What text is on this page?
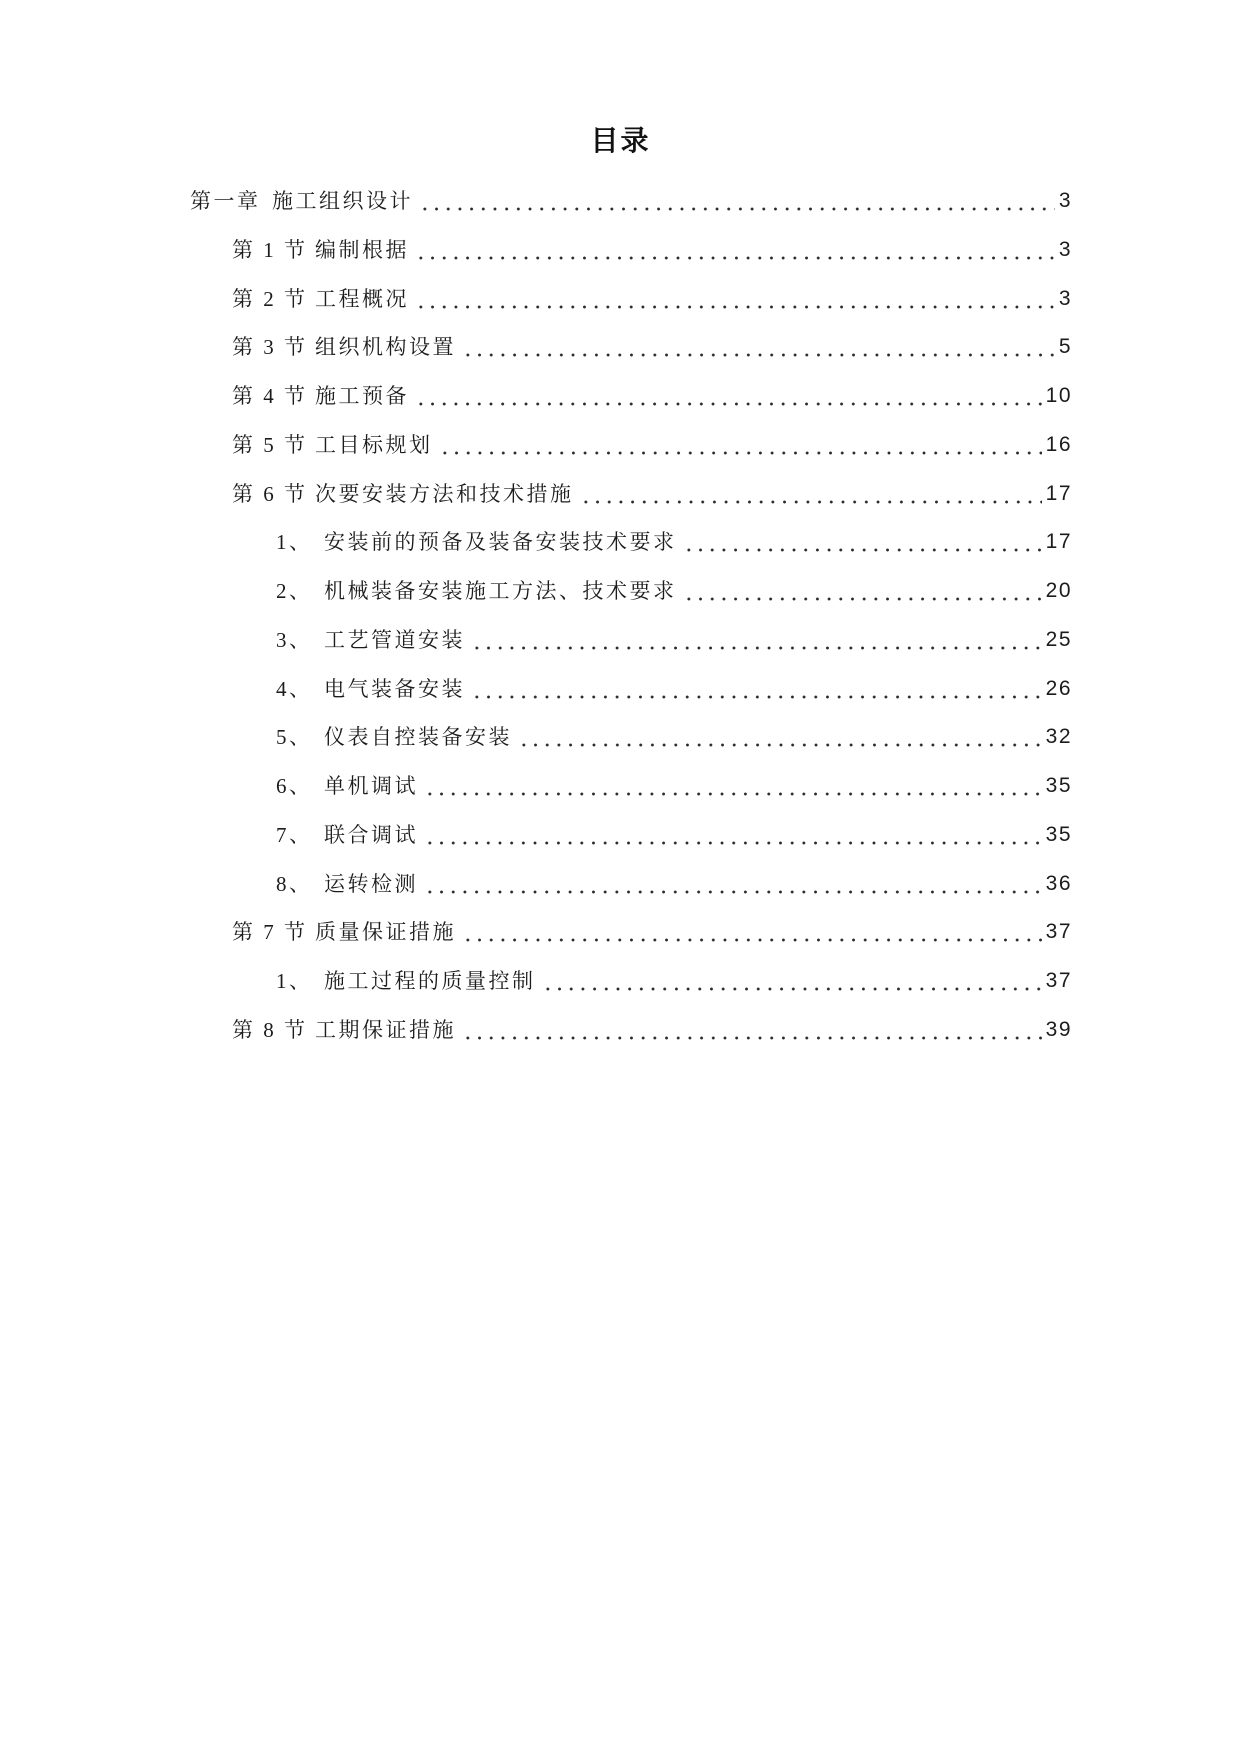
目录
第一章 施工组织设计	3
第 1 节 编制根据	3
第 2 节 工程概况	3
第 3 节 组织机构设置	5
第 4 节 施工预备	10
第 5 节 工目标规划	16
第 6 节 次要安装方法和技术措施	17
1、 安装前的预备及装备安装技术要求	17
2、 机械装备安装施工方法、技术要求	20
3、 工艺管道安装	25
4、 电气装备安装	26
5、 仪表自控装备安装	32
6、 单机调试	35
7、 联合调试	35
8、 运转检测	36
第 7 节 质量保证措施	37
1、 施工过程的质量控制	37
第 8 节 工期保证措施	39
